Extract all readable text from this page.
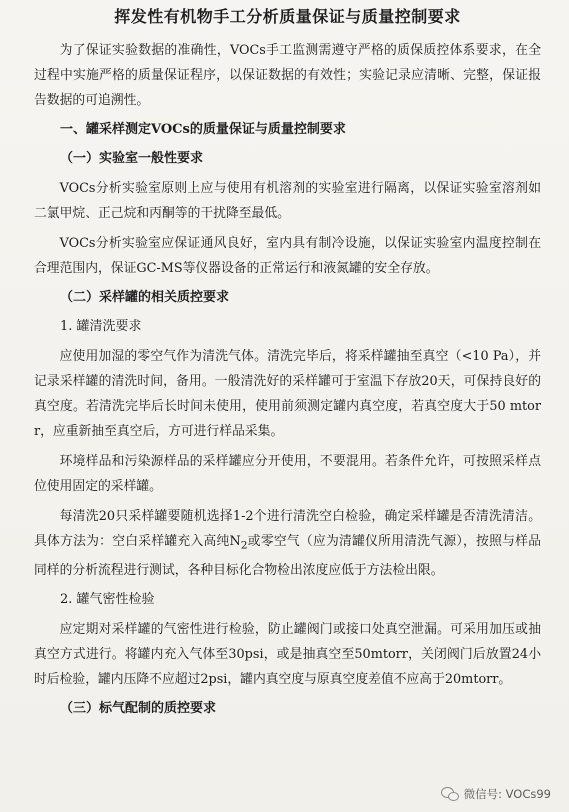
挥发性有机物手工分析质量保证与质量控制要求

为了保证实验数据的准确性，VOCs手工监测需遵守严格的质保质控体系要求，在全过程中实施严格的质量保证程序，以保证数据的有效性；实验记录应清晰、完整，保证报告数据的可追溯性。

一、罐采样测定VOCs的质量保证与质量控制要求
（一）实验室一般性要求

VOCs分析实验室原则上应与使用有机溶剂的实验室进行隔离，以保证实验室溶剂如二氯甲烷、正己烷和丙酮等的干扰降至最低。

VOCs分析实验室应保证通风良好，室内具有制冷设施，以保证实验室内温度控制在合理范围内，保证GC-MS等仪器设备的正常运行和液氮罐的安全存放。

（二）采样罐的相关质控要求
1. 罐清洗要求

应使用加湿的零空气作为清洗气体。清洗完毕后，将采样罐抽至真空（<10 Pa），并记录采样罐的清洗时间，备用。一般清洗好的采样罐可于室温下存放20天，可保持良好的真空度。若清洗完毕后长时间未使用，使用前须测定罐内真空度，若真空度大于50 mtorr，应重新抽至真空后，方可进行样品采集。

环境样品和污染源样品的采样罐应分开使用，不要混用。若条件允许，可按照采样点位使用固定的采样罐。

每清洗20只采样罐要随机选择1-2个进行清洗空白检验，确定采样罐是否清洗清洁。具体方法为：空白采样罐充入高纯$N_2$或零空气（应为清罐仪所用清洗气源），按照与样品同样的分析流程进行测试，各种目标化合物检出浓度应低于方法检出限。

2. 罐气密性检验

应定期对采样罐的气密性进行检验，防止罐阀门或接口处真空泄漏。可采用加压或抽真空方式进行。将罐内充入气体至30psi，或是抽真空至50mtorr，关闭阀门后放置24小时后检验，罐内压降不应超过2psi，罐内真空度与原真空度差值不应高于20mtorr。

（三）标气配制的质控要求
微信号: VOCs99
